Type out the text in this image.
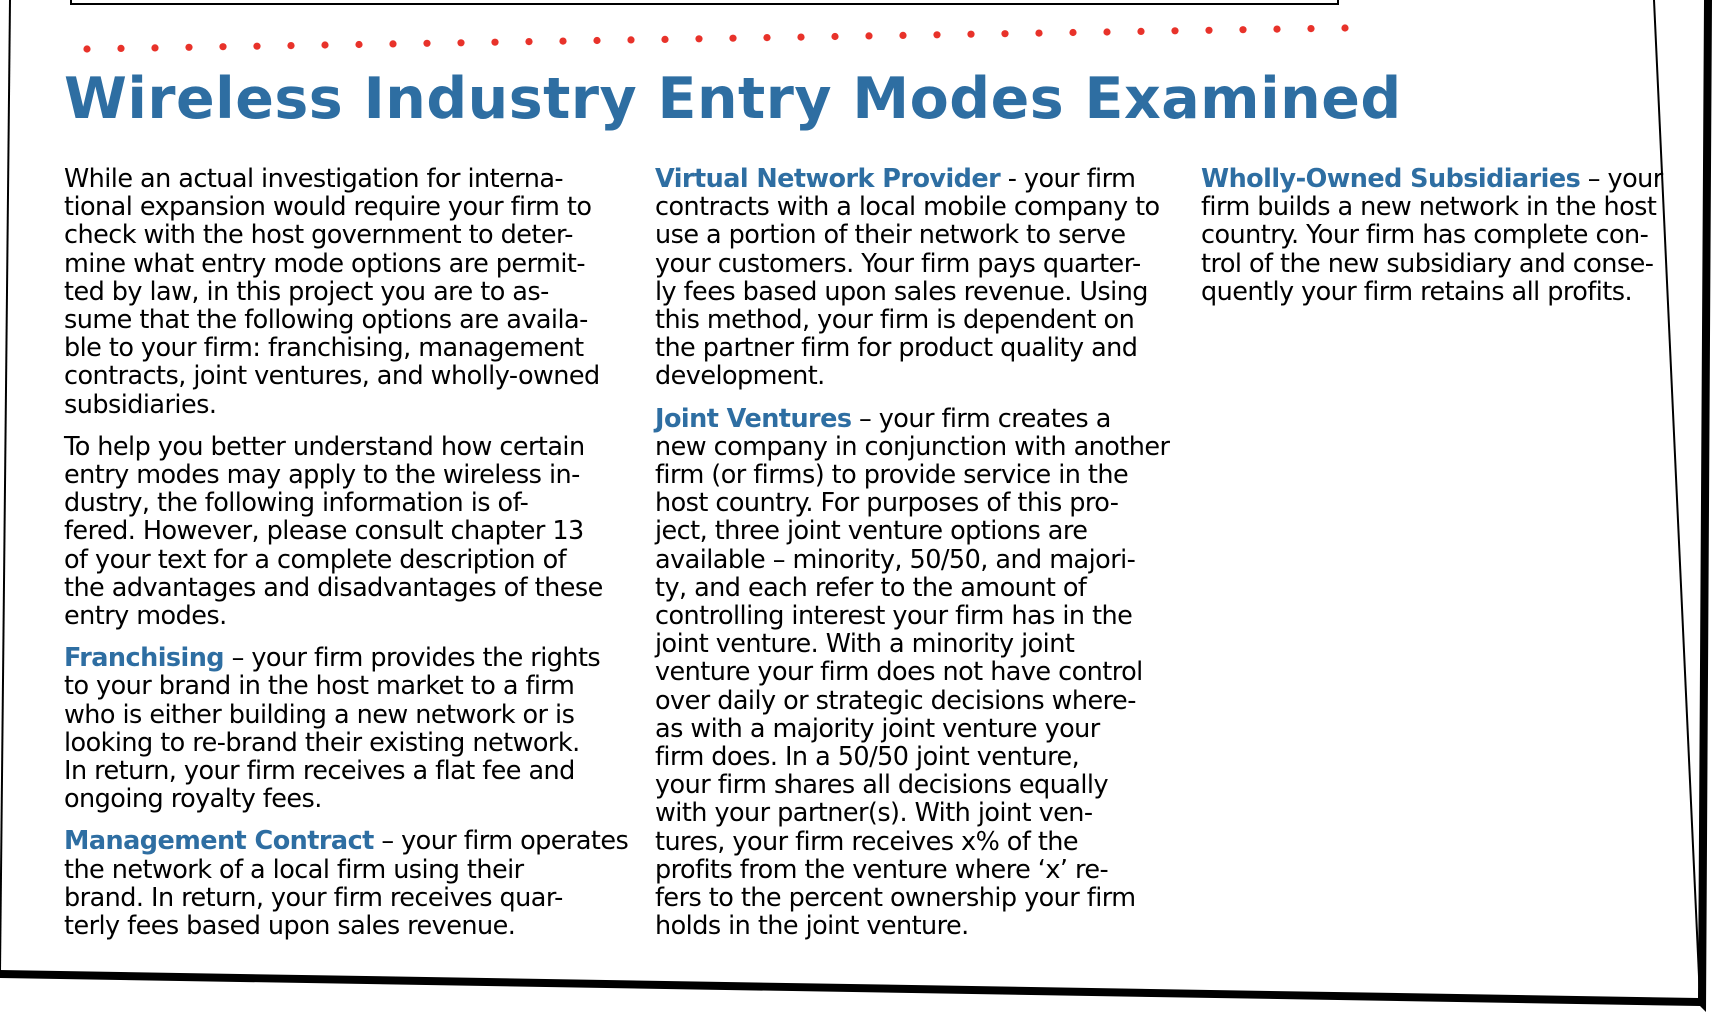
Wireless Industry Entry Modes Examined

While an actual investigation for interna-
tional expansion would require your firm to
check with the host government to deter-
mine what entry mode options are permit-
ted by law, in this project you are to as-
sume that the following options are availa-
ble to your firm: franchising, management
contracts, joint ventures, and wholly-owned
subsidiaries.

To help you better understand how certain
entry modes may apply to the wireless in-
dustry, the following information is of-
fered. However, please consult chapter 13
of your text for a complete description of
the advantages and disadvantages of these
entry modes.

Franchising – your firm provides the rights
to your brand in the host market to a firm
who is either building a new network or is
looking to re-brand their existing network.
In return, your firm receives a flat fee and
ongoing royalty fees.

Management Contract – your firm operates
the network of a local firm using their
brand. In return, your firm receives quar-
terly fees based upon sales revenue.

Virtual Network Provider - your firm
contracts with a local mobile company to
use a portion of their network to serve
your customers. Your firm pays quarter-
ly fees based upon sales revenue. Using
this method, your firm is dependent on
the partner firm for product quality and
development.

Joint Ventures – your firm creates a
new company in conjunction with another
firm (or firms) to provide service in the
host country. For purposes of this pro-
ject, three joint venture options are
available – minority, 50/50, and majori-
ty, and each refer to the amount of
controlling interest your firm has in the
joint venture. With a minority joint
venture your firm does not have control
over daily or strategic decisions where-
as with a majority joint venture your
firm does. In a 50/50 joint venture,
your firm shares all decisions equally
with your partner(s). With joint ven-
tures, your firm receives x% of the
profits from the venture where ‘x’ re-
fers to the percent ownership your firm
holds in the joint venture.

Wholly-Owned Subsidiaries – your
firm builds a new network in the host
country. Your firm has complete con-
trol of the new subsidiary and conse-
quently your firm retains all profits.
